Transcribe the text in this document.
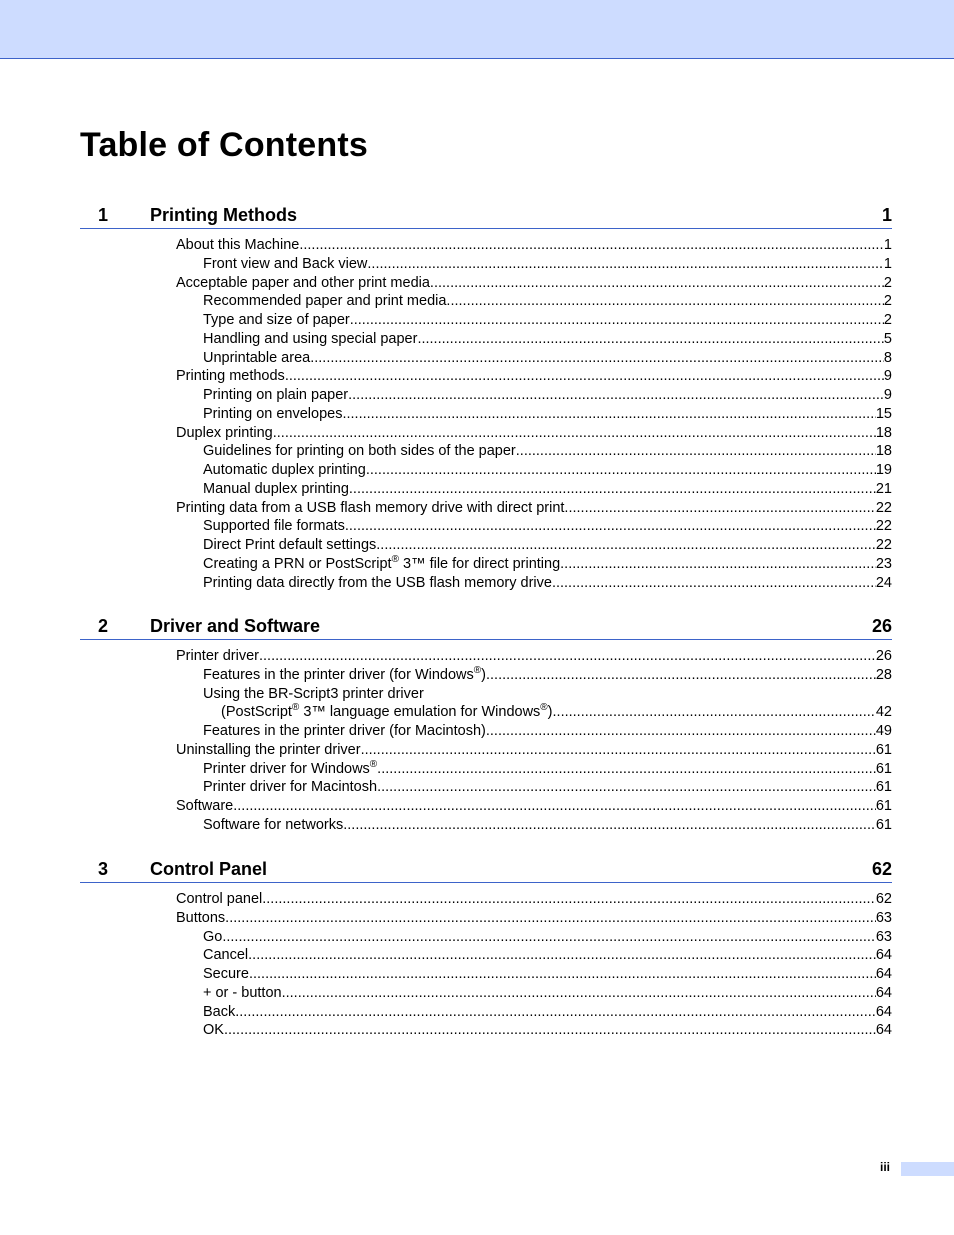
Table of Contents
1 Printing Methods	1
About this Machine .....	1
Front view and Back view .....	1
Acceptable paper and other print media .....	2
Recommended paper and print media .....	2
Type and size of paper .....	2
Handling and using special paper .....	5
Unprintable area .....	8
Printing methods .....	9
Printing on plain paper .....	9
Printing on envelopes .....	15
Duplex printing .....	18
Guidelines for printing on both sides of the paper .....	18
Automatic duplex printing .....	19
Manual duplex printing .....	21
Printing data from a USB flash memory drive with direct print .....	22
Supported file formats .....	22
Direct Print default settings .....	22
Creating a PRN or PostScript® 3™ file for direct printing .....	23
Printing data directly from the USB flash memory drive .....	24
2 Driver and Software	26
Printer driver .....	26
Features in the printer driver (for Windows®) .....	28
Using the BR-Script3 printer driver
(PostScript® 3™ language emulation for Windows®) .....	42
Features in the printer driver (for Macintosh) .....	49
Uninstalling the printer driver .....	61
Printer driver for Windows® .....	61
Printer driver for Macintosh .....	61
Software .....	61
Software for networks .....	61
3 Control Panel	62
Control panel .....	62
Buttons .....	63
Go .....	63
Cancel .....	64
Secure .....	64
+ or - button .....	64
Back .....	64
OK .....	64
iii
